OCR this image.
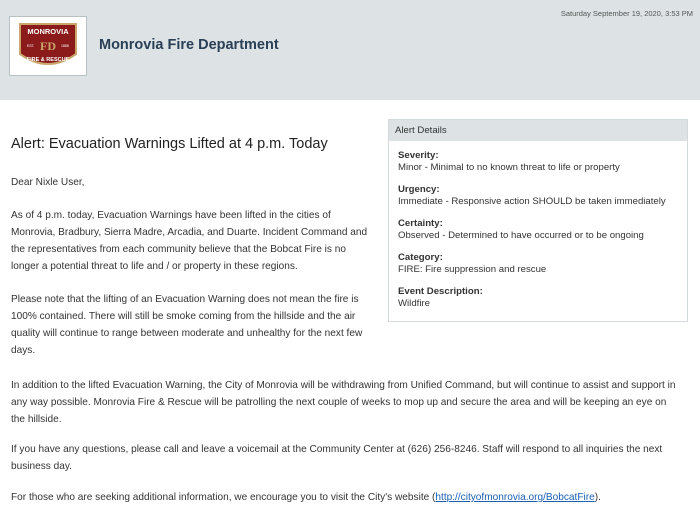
MONROVIA
FD
EST.	1888
FIRE & RESCUE
Monrovia Fire Department
Saturday September 19, 2020, 3:53 PM
Alert: Evacuation Warnings Lifted at 4 p.m. Today

Dear Nixle User,

As of 4 p.m. today, Evacuation Warnings have been lifted in the cities of Monrovia, Bradbury, Sierra Madre, Arcadia, and Duarte. Incident Command and the representatives from each community believe that the Bobcat Fire is no longer a potential threat to life and / or property in these regions.

Please note that the lifting of an Evacuation Warning does not mean the fire is 100% contained. There will still be smoke coming from the hillside and the air quality will continue to range between moderate and unhealthy for the next few days.

In addition to the lifted Evacuation Warning, the City of Monrovia will be withdrawing from Unified Command, but will continue to assist and support in any way possible. Monrovia Fire & Rescue will be patrolling the next couple of weeks to mop up and secure the area and will be keeping an eye on the hillside.

If you have any questions, please call and leave a voicemail at the Community Center at (626) 256-8246. Staff will respond to all inquiries the next business day.

For those who are seeking additional information, we encourage you to visit the City's website (http://cityofmonrovia.org/BobcatFire).

Alert Details
Severity:
Minor - Minimal to no known threat to life or property
Urgency:
Immediate - Responsive action SHOULD be taken immediately
Certainty:
Observed - Determined to have occurred or to be ongoing
Category:
FIRE: Fire suppression and rescue
Event Description:
Wildfire
